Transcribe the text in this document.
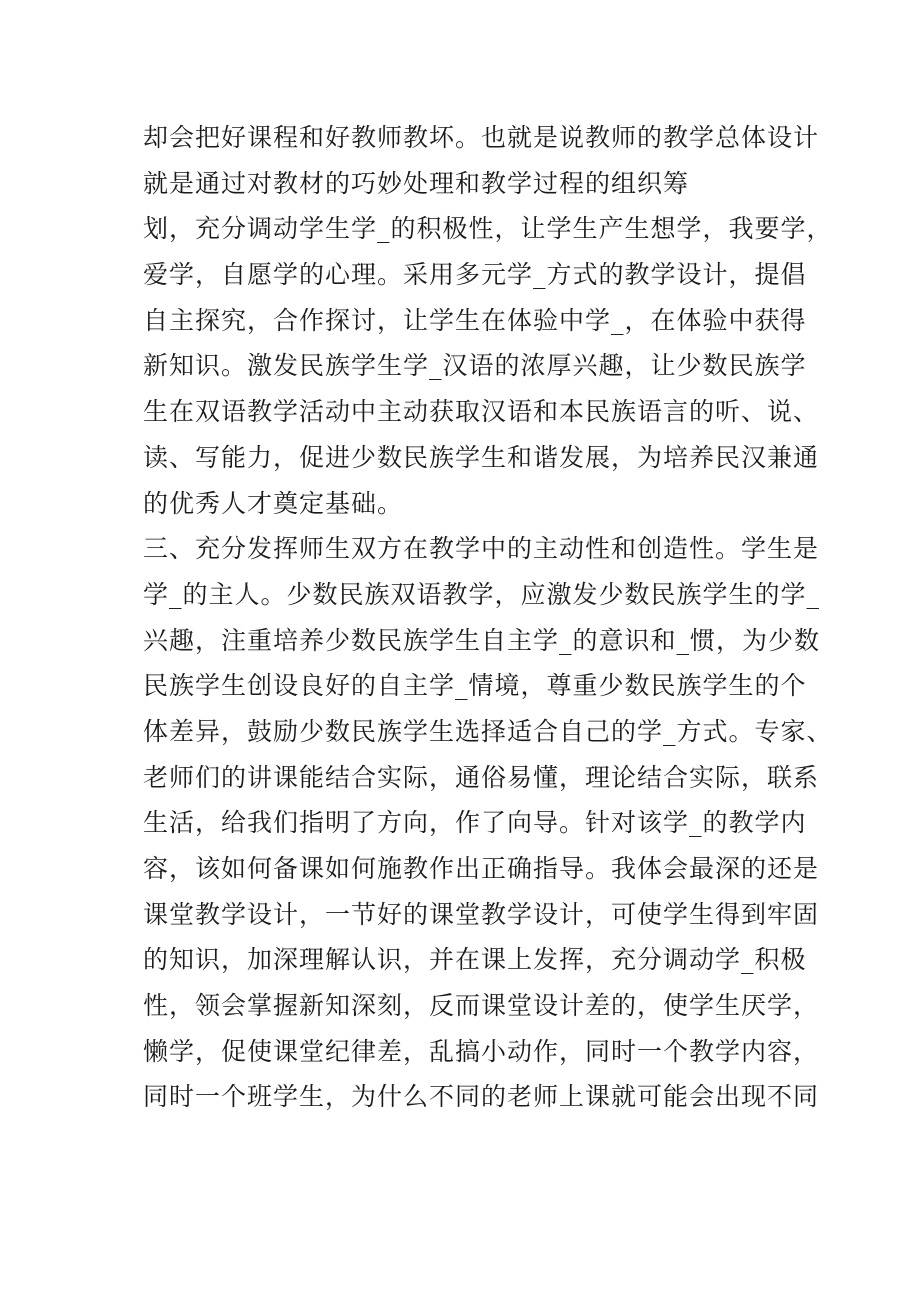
却会把好课程和好教师教坏。也就是说教师的教学总体设计
就是通过对教材的巧妙处理和教学过程的组织筹
划，充分调动学生学_的积极性，让学生产生想学，我要学，
爱学，自愿学的心理。采用多元学_方式的教学设计，提倡
自主探究，合作探讨，让学生在体验中学_，在体验中获得
新知识。激发民族学生学_汉语的浓厚兴趣，让少数民族学
生在双语教学活动中主动获取汉语和本民族语言的听、说、
读、写能力，促进少数民族学生和谐发展，为培养民汉兼通
的优秀人才奠定基础。
三、充分发挥师生双方在教学中的主动性和创造性。学生是
学_的主人。少数民族双语教学，应激发少数民族学生的学_
兴趣，注重培养少数民族学生自主学_的意识和_惯，为少数
民族学生创设良好的自主学_情境，尊重少数民族学生的个
体差异，鼓励少数民族学生选择适合自己的学_方式。专家、
老师们的讲课能结合实际，通俗易懂，理论结合实际，联系
生活，给我们指明了方向，作了向导。针对该学_的教学内
容，该如何备课如何施教作出正确指导。我体会最深的还是
课堂教学设计，一节好的课堂教学设计，可使学生得到牢固
的知识，加深理解认识，并在课上发挥，充分调动学_积极
性，领会掌握新知深刻，反而课堂设计差的，使学生厌学，
懒学，促使课堂纪律差，乱搞小动作，同时一个教学内容，
同时一个班学生，为什么不同的老师上课就可能会出现不同
